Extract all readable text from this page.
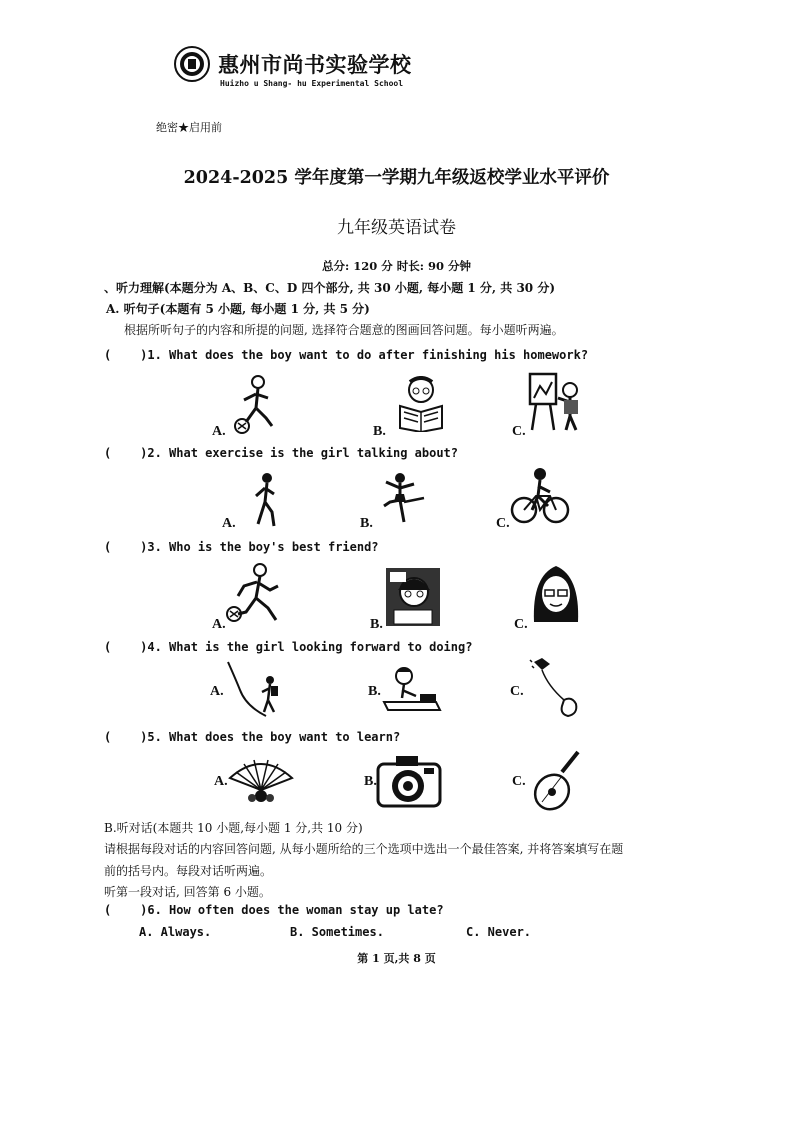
惠州市尚书实验学校
Huizho u Shang- hu Experimental School
绝密★启用前
2024-2025 学年度第一学期九年级返校学业水平评价
九年级英语试卷
总分: 120 分 时长: 90 分钟
、听力理解(本题分为 A、B、C、D 四个部分, 共 30 小题, 每小题 1 分, 共 30 分)
A. 听句子(本题有 5 小题, 每小题 1 分, 共 5 分)
根据所听句子的内容和所提的问题, 选择符合题意的图画回答问题。每小题听两遍。
(    )1. What does the boy want to do after finishing his homework?
A.	B.	C.
(    )2. What exercise is the girl talking about?
A.	B.	C.
(    )3. Who is the boy's best friend?
A.	B.	C.
(    )4. What is the girl looking forward to doing?
A.	B.	C.
(    )5. What does the boy want to learn?
A.	B.	C.
B.听对话(本题共 10 小题,每小题 1 分,共 10 分)
请根据每段对话的内容回答问题, 从每小题所给的三个选项中选出一个最佳答案, 并将答案填写在题
前的括号内。每段对话听两遍。
听第一段对话, 回答第 6 小题。
(    )6. How often does the woman stay up late?
A. Always.	B. Sometimes.	C. Never.
第 1 页,共 8 页
